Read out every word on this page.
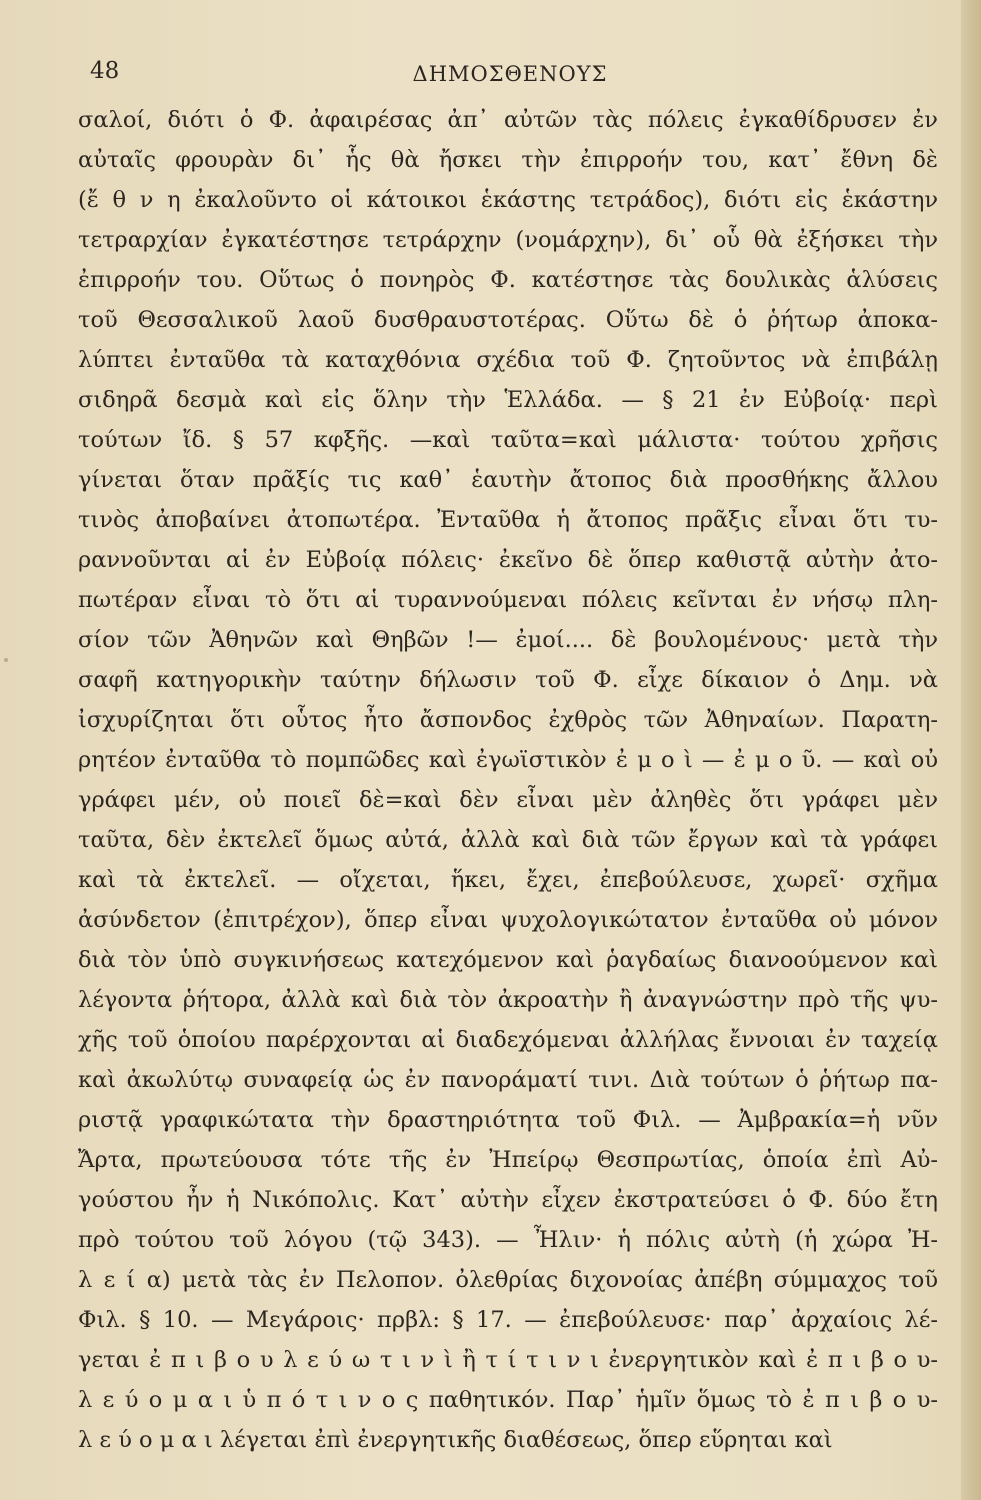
48	ΔΗΜΟΣΘΕΝΟΥΣ
σαλοί, διότι ὁ Φ. ἀφαιρέσας ἀπ᾽ αὐτῶν τὰς πόλεις ἐγκαθίδρυσεν ἐν
αὐταῖς φρουρὰν δι᾽ ἧς θὰ ἤσκει τὴν ἐπιρροήν του, κατ᾽ ἔθνη δὲ
(ἔ θ ν η ἐκαλοῦντο οἱ κάτοικοι ἑκάστης τετράδος), διότι εἰς ἑκάστην
τετραρχίαν ἐγκατέστησε τετράρχην (νομάρχην), δι᾽ οὗ θὰ ἐξήσκει τὴν
ἐπιρροήν του. Οὕτως ὁ πονηρὸς Φ. κατέστησε τὰς δουλικὰς ἁλύσεις
τοῦ Θεσσαλικοῦ λαοῦ δυσθραυστοτέρας. Οὕτω δὲ ὁ ῥήτωρ ἀποκα-
λύπτει ἐνταῦθα τὰ καταχθόνια σχέδια τοῦ Φ. ζητοῦντος νὰ ἐπιβάλῃ
σιδηρᾶ δεσμὰ καὶ εἰς ὅλην τὴν Ἑλλάδα. — § 21 ἐν Εὐβοίᾳ· περὶ
τούτων ἴδ. § 57 κφξῆς. —καὶ ταῦτα=καὶ μάλιστα· τούτου χρῆσις
γίνεται ὅταν πρᾶξίς τις καθ᾽ ἑαυτὴν ἄτοπος διὰ προσθήκης ἄλλου
τινὸς ἀποβαίνει ἀτοπωτέρα. Ἐνταῦθα ἡ ἄτοπος πρᾶξις εἶναι ὅτι τυ-
ραννοῦνται αἱ ἐν Εὐβοίᾳ πόλεις· ἐκεῖνο δὲ ὅπερ καθιστᾷ αὐτὴν ἀτο-
πωτέραν εἶναι τὸ ὅτι αἱ τυραννούμεναι πόλεις κεῖνται ἐν νήσῳ πλη-
σίον τῶν Ἀθηνῶν καὶ Θηβῶν !— ἐμοί.... δὲ βουλομένους· μετὰ τὴν
σαφῆ κατηγορικὴν ταύτην δήλωσιν τοῦ Φ. εἶχε δίκαιον ὁ Δημ. νὰ
ἰσχυρίζηται ὅτι οὗτος ἦτο ἄσπονδος ἐχθρὸς τῶν Ἀθηναίων. Παρατη-
ρητέον ἐνταῦθα τὸ πομπῶδες καὶ ἐγωϊστικὸν ἐ μ ο ὶ — ἐ μ ο ῦ. — καὶ οὐ
γράφει μέν, οὐ ποιεῖ δὲ=καὶ δὲν εἶναι μὲν ἀληθὲς ὅτι γράφει μὲν
ταῦτα, δὲν ἐκτελεῖ ὅμως αὐτά, ἀλλὰ καὶ διὰ τῶν ἔργων καὶ τὰ γράφει
καὶ τὰ ἐκτελεῖ. — οἴχεται, ἥκει, ἔχει, ἐπεβούλευσε, χωρεῖ· σχῆμα
ἀσύνδετον (ἐπιτρέχον), ὅπερ εἶναι ψυχολογικώτατον ἐνταῦθα οὐ μόνον
διὰ τὸν ὑπὸ συγκινήσεως κατεχόμενον καὶ ῥαγδαίως διανοούμενον καὶ
λέγοντα ῥήτορα, ἀλλὰ καὶ διὰ τὸν ἀκροατὴν ἢ ἀναγνώστην πρὸ τῆς ψυ-
χῆς τοῦ ὁποίου παρέρχονται αἱ διαδεχόμεναι ἀλλήλας ἔννοιαι ἐν ταχείᾳ
καὶ ἀκωλύτῳ συναφείᾳ ὡς ἐν πανοράματί τινι. Διὰ τούτων ὁ ῥήτωρ πα-
ριστᾷ γραφικώτατα τὴν δραστηριότητα τοῦ Φιλ. — Ἀμβρακία=ἡ νῦν
Ἄρτα, πρωτεύουσα τότε τῆς ἐν Ἠπείρῳ Θεσπρωτίας, ὁποία ἐπὶ Αὐ-
γούστου ἦν ἡ Νικόπολις. Κατ᾽ αὐτὴν εἶχεν ἐκστρατεύσει ὁ Φ. δύο ἔτη
πρὸ τούτου τοῦ λόγου (τῷ 343). — Ἦλιν· ἡ πόλις αὐτὴ (ἡ χώρα Ἠ-
λ ε ί α) μετὰ τὰς ἐν Πελοπον. ὀλεθρίας διχονοίας ἀπέβη σύμμαχος τοῦ
Φιλ. § 10. — Μεγάροις· πρβλ: § 17. — ἐπεβούλευσε· παρ᾽ ἀρχαίοις λέ-
γεται ἐ π ι β ο υ λ ε ύ ω τ ι ν ὶ ἢ τ ί τ ι ν ι ἐνεργητικὸν καὶ ἐ π ι β ο υ-
λ ε ύ ο μ α ι ὑ π ό τ ι ν ο ς παθητικόν. Παρ᾽ ἡμῖν ὅμως τὸ ἐ π ι β ο υ-
λ ε ύ ο μ α ι λέγεται ἐπὶ ἐνεργητικῆς διαθέσεως, ὅπερ εὕρηται καὶ
